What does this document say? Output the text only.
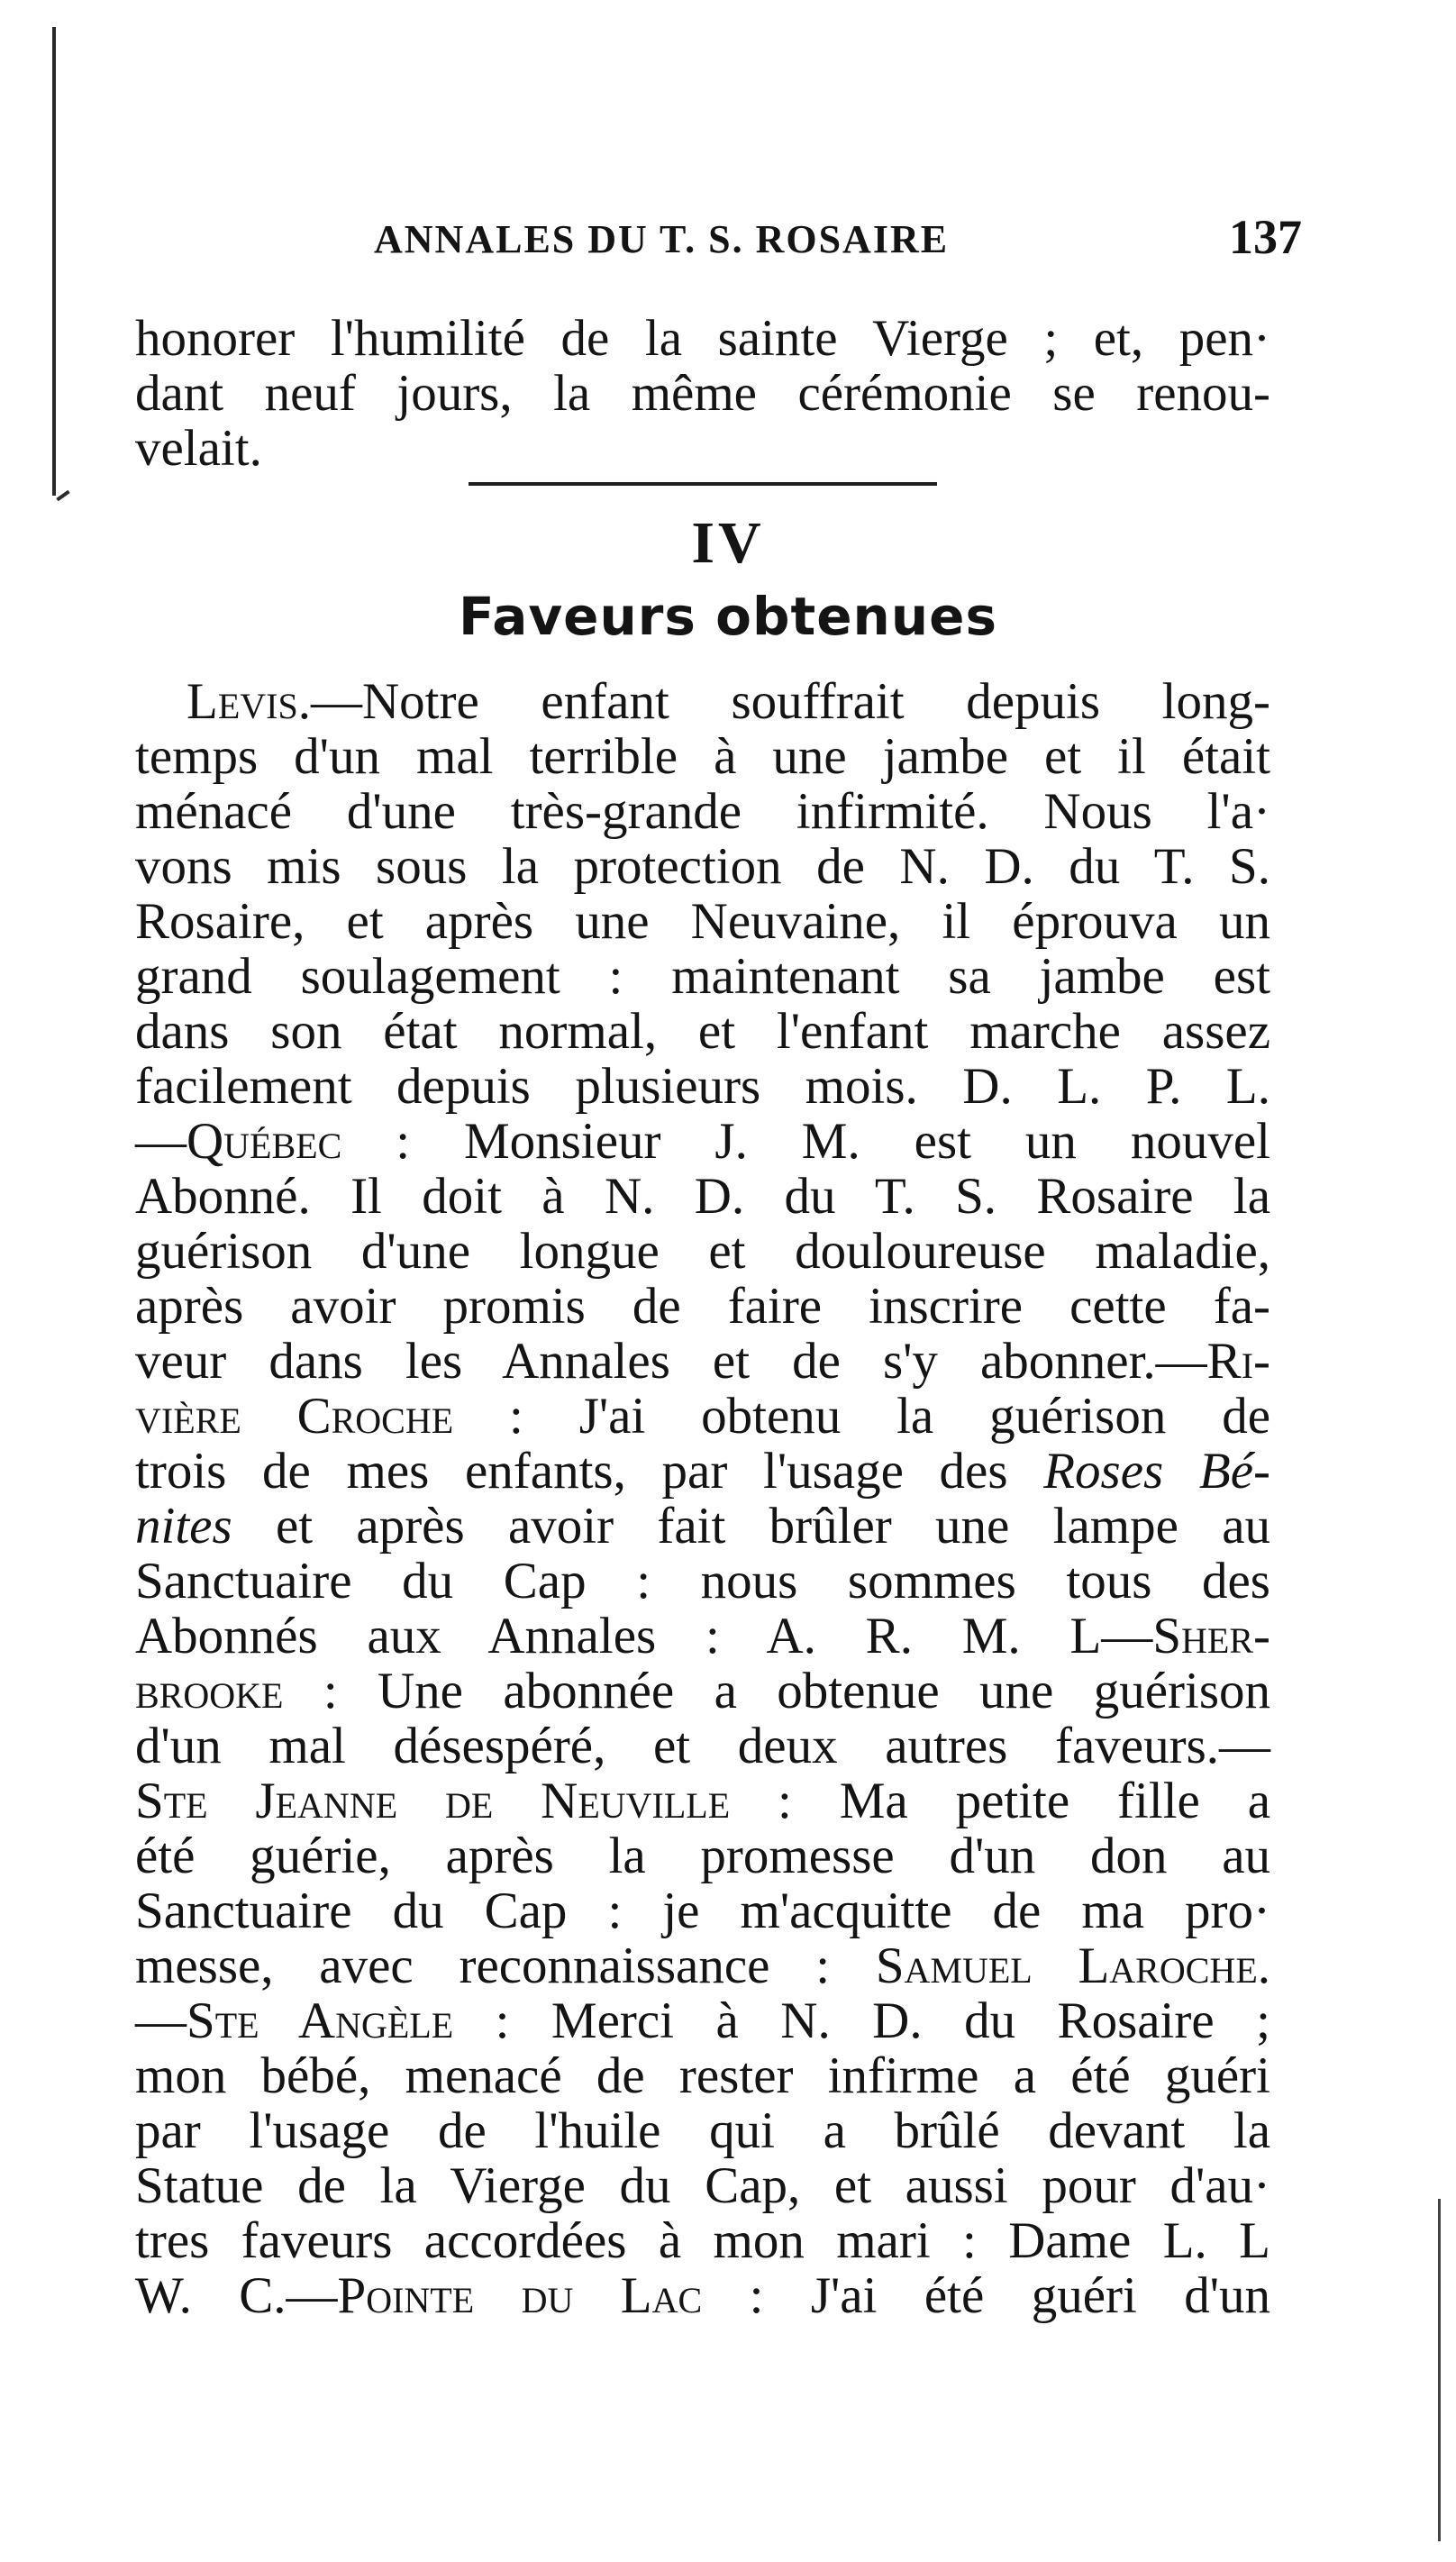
ANNALES DU T. S. ROSAIRE	137
honorer l'humilité de la sainte Vierge ; et, pen·
dant neuf jours, la même cérémonie se renou-
velait.
IV
Faveurs obtenues
 Levis.—Notre enfant souffrait depuis long-
temps d'un mal terrible à une jambe et il était
ménacé d'une très-grande infirmité. Nous l'a·
vons mis sous la protection de N. D. du T. S.
Rosaire, et après une Neuvaine, il éprouva un
grand soulagement : maintenant sa jambe est
dans son état normal, et l'enfant marche assez
facilement depuis plusieurs mois. D. L. P. L.
—Québec : Monsieur J. M. est un nouvel
Abonné. Il doit à N. D. du T. S. Rosaire la
guérison d'une longue et douloureuse maladie,
après avoir promis de faire inscrire cette fa-
veur dans les Annales et de s'y abonner.—Ri-
vière Croche : J'ai obtenu la guérison de
trois de mes enfants, par l'usage des Roses Bé-
nites et après avoir fait brûler une lampe au
Sanctuaire du Cap : nous sommes tous des
Abonnés aux Annales : A. R. M. L—Sher-
brooke : Une abonnée a obtenue une guérison
d'un mal désespéré, et deux autres faveurs.—
Ste Jeanne de Neuville : Ma petite fille a
été guérie, après la promesse d'un don au
Sanctuaire du Cap : je m'acquitte de ma pro·
messe, avec reconnaissance : Samuel Laroche.
—Ste Angèle : Merci à N. D. du Rosaire ;
mon bébé, menacé de rester infirme a été guéri
par l'usage de l'huile qui a brûlé devant la
Statue de la Vierge du Cap, et aussi pour d'au·
tres faveurs accordées à mon mari : Dame L. L
W. C.—Pointe du Lac : J'ai été guéri d'un
